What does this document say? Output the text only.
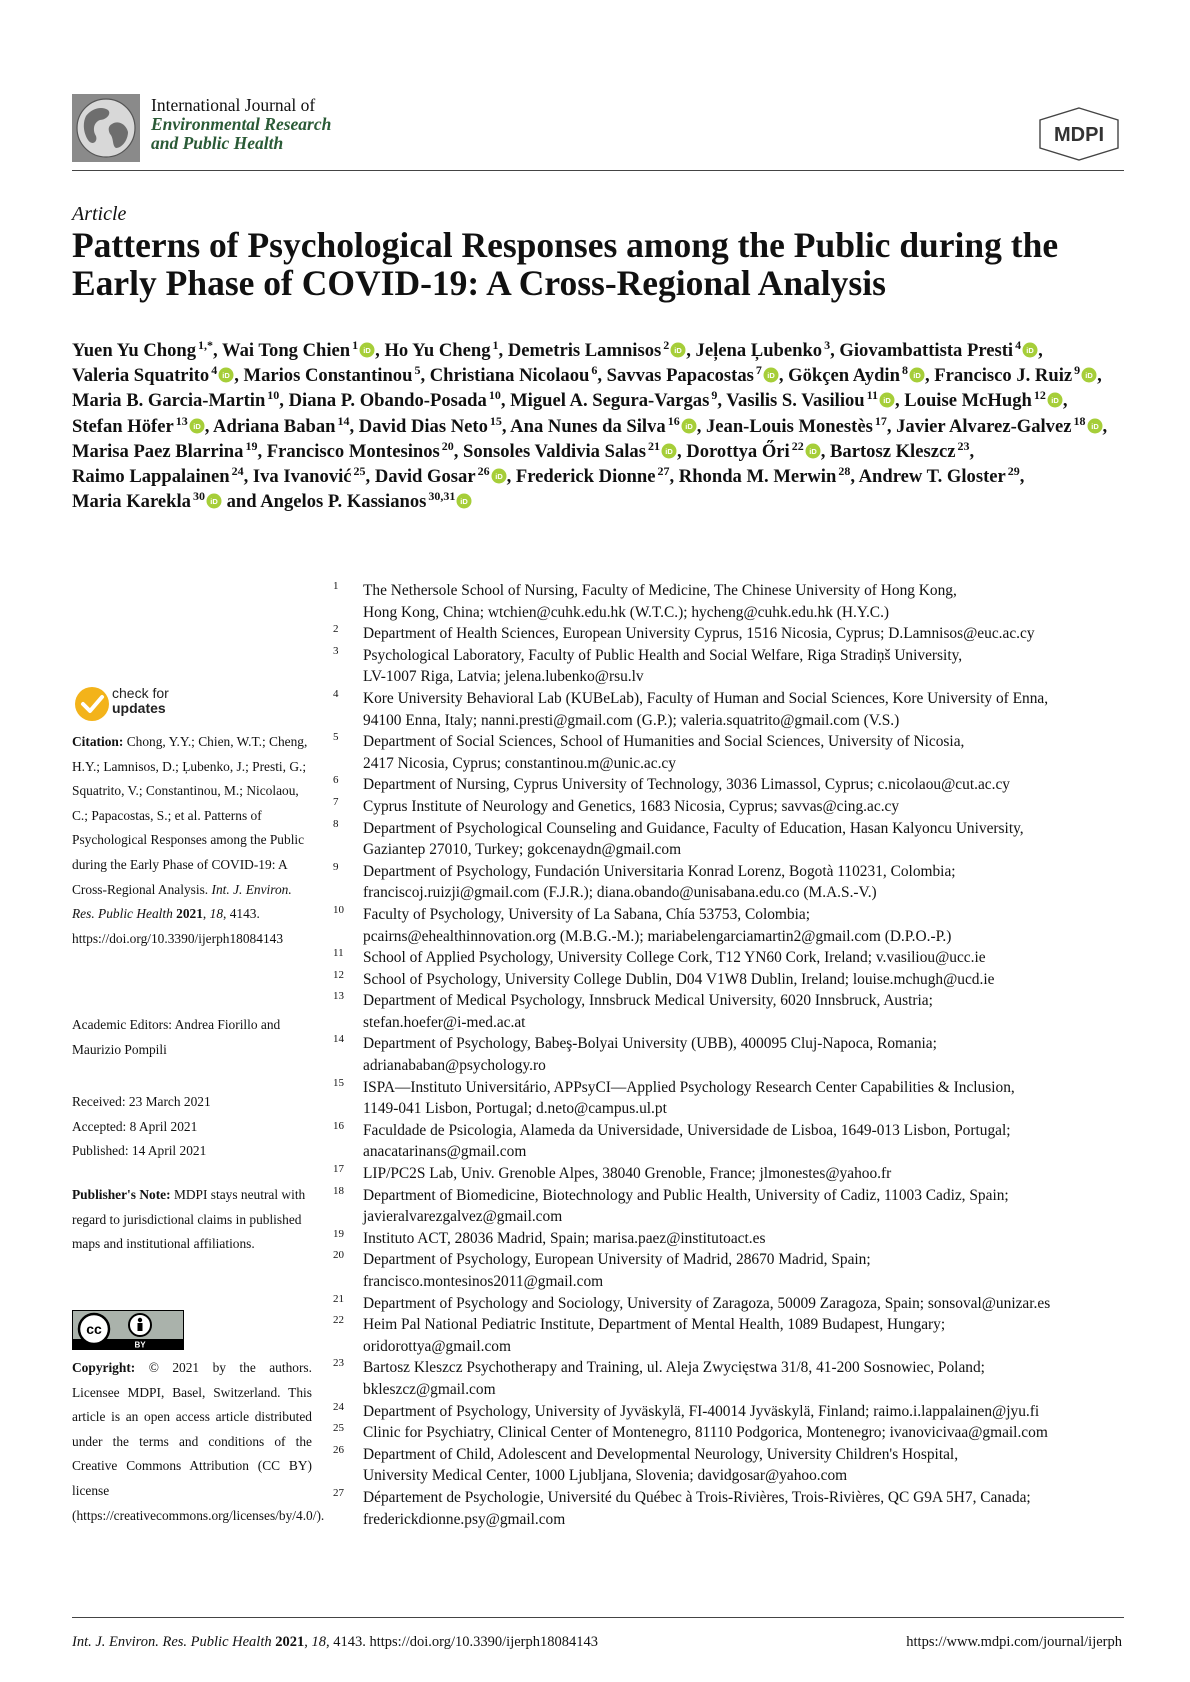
International Journal of
Environmental Research
and Public Health	MDPI
Article
Patterns of Psychological Responses among the Public during the Early Phase of COVID-19: A Cross-Regional Analysis
Yuen Yu Chong $^{1,*}$, Wai Tong Chien $^1$ iD , Ho Yu Cheng $^1$, Demetris Lamnisos $^2$ iD , Jeļena Ļubenko $^3$, Giovambattista Presti $^4$ iD , Valeria Squatrito $^4$ iD , Marios Constantinou $^5$, Christiana Nicolaou $^6$, Savvas Papacostas $^7$ iD , Gökçen Aydin $^8$ iD , Francisco J. Ruiz $^9$ iD , Maria B. Garcia-Martin $^{10}$, Diana P. Obando-Posada $^{10}$, Miguel A. Segura-Vargas $^9$, Vasilis S. Vasiliou $^{11}$ iD , Louise McHugh $^{12}$ iD , Stefan Höfer $^{13}$ iD , Adriana Baban $^{14}$, David Dias Neto $^{15}$, Ana Nunes da Silva $^{16}$ iD , Jean-Louis Monestès $^{17}$, Javier Alvarez-Galvez $^{18}$ iD , Marisa Paez Blarrina $^{19}$, Francisco Montesinos $^{20}$, Sonsoles Valdivia Salas $^{21}$ iD , Dorottya Őri $^{22}$ iD , Bartosz Kleszcz $^{23}$, Raimo Lappalainen $^{24}$, Iva Ivanović $^{25}$, David Gosar $^{26}$ iD , Frederick Dionne $^{27}$, Rhonda M. Merwin $^{28}$, Andrew T. Gloster $^{29}$, Maria Karekla $^{30}$ iD and Angelos P. Kassianos $^{30,31}$ iD
check for
updates
Citation: Chong, Y.Y.; Chien, W.T.; Cheng, H.Y.; Lamnisos, D.; Ļubenko, J.; Presti, G.; Squatrito, V.; Constantinou, M.; Nicolaou, C.; Papacostas, S.; et al. Patterns of Psychological Responses among the Public during the Early Phase of COVID-19: A Cross-Regional Analysis. Int. J. Environ. Res. Public Health 2021, 18, 4143. https://doi.org/10.3390/ijerph18084143
Academic Editors: Andrea Fiorillo and Maurizio Pompili
Received: 23 March 2021
Accepted: 8 April 2021
Published: 14 April 2021
Publisher's Note: MDPI stays neutral with regard to jurisdictional claims in published maps and institutional affiliations.
cc
BY
Copyright: © 2021 by the authors. Licensee MDPI, Basel, Switzerland. This article is an open access article distributed under the terms and conditions of the Creative Commons Attribution (CC BY) license (https://creativecommons.org/licenses/by/4.0/).
1 The Nethersole School of Nursing, Faculty of Medicine, The Chinese University of Hong Kong,
Hong Kong, China; wtchien@cuhk.edu.hk (W.T.C.); hycheng@cuhk.edu.hk (H.Y.C.)
2 Department of Health Sciences, European University Cyprus, 1516 Nicosia, Cyprus; D.Lamnisos@euc.ac.cy
3 Psychological Laboratory, Faculty of Public Health and Social Welfare, Riga Stradiņš University,
LV-1007 Riga, Latvia; jelena.lubenko@rsu.lv
4 Kore University Behavioral Lab (KUBeLab), Faculty of Human and Social Sciences, Kore University of Enna,
94100 Enna, Italy; nanni.presti@gmail.com (G.P.); valeria.squatrito@gmail.com (V.S.)
5 Department of Social Sciences, School of Humanities and Social Sciences, University of Nicosia,
2417 Nicosia, Cyprus; constantinou.m@unic.ac.cy
6 Department of Nursing, Cyprus University of Technology, 3036 Limassol, Cyprus; c.nicolaou@cut.ac.cy
7 Cyprus Institute of Neurology and Genetics, 1683 Nicosia, Cyprus; savvas@cing.ac.cy
8 Department of Psychological Counseling and Guidance, Faculty of Education, Hasan Kalyoncu University,
Gaziantep 27010, Turkey; gokcenaydn@gmail.com
9 Department of Psychology, Fundación Universitaria Konrad Lorenz, Bogotà 110231, Colombia;
franciscoj.ruizji@gmail.com (F.J.R.); diana.obando@unisabana.edu.co (M.A.S.-V.)
10 Faculty of Psychology, University of La Sabana, Chía 53753, Colombia;
pcairns@ehealthinnovation.org (M.B.G.-M.); mariabelengarciamartin2@gmail.com (D.P.O.-P.)
11 School of Applied Psychology, University College Cork, T12 YN60 Cork, Ireland; v.vasiliou@ucc.ie
12 School of Psychology, University College Dublin, D04 V1W8 Dublin, Ireland; louise.mchugh@ucd.ie
13 Department of Medical Psychology, Innsbruck Medical University, 6020 Innsbruck, Austria;
stefan.hoefer@i-med.ac.at
14 Department of Psychology, Babeş-Bolyai University (UBB), 400095 Cluj-Napoca, Romania;
adrianababan@psychology.ro
15 ISPA—Instituto Universitário, APPsyCI—Applied Psychology Research Center Capabilities & Inclusion,
1149-041 Lisbon, Portugal; d.neto@campus.ul.pt
16 Faculdade de Psicologia, Alameda da Universidade, Universidade de Lisboa, 1649-013 Lisbon, Portugal;
anacatarinans@gmail.com
17 LIP/PC2S Lab, Univ. Grenoble Alpes, 38040 Grenoble, France; jlmonestes@yahoo.fr
18 Department of Biomedicine, Biotechnology and Public Health, University of Cadiz, 11003 Cadiz, Spain;
javieralvarezgalvez@gmail.com
19 Instituto ACT, 28036 Madrid, Spain; marisa.paez@institutoact.es
20 Department of Psychology, European University of Madrid, 28670 Madrid, Spain;
francisco.montesinos2011@gmail.com
21 Department of Psychology and Sociology, University of Zaragoza, 50009 Zaragoza, Spain; sonsoval@unizar.es
22 Heim Pal National Pediatric Institute, Department of Mental Health, 1089 Budapest, Hungary;
oridorottya@gmail.com
23 Bartosz Kleszcz Psychotherapy and Training, ul. Aleja Zwycięstwa 31/8, 41-200 Sosnowiec, Poland;
bkleszcz@gmail.com
24 Department of Psychology, University of Jyväskylä, FI-40014 Jyväskylä, Finland; raimo.i.lappalainen@jyu.fi
25 Clinic for Psychiatry, Clinical Center of Montenegro, 81110 Podgorica, Montenegro; ivanovicivaa@gmail.com
26 Department of Child, Adolescent and Developmental Neurology, University Children's Hospital,
University Medical Center, 1000 Ljubljana, Slovenia; davidgosar@yahoo.com
27 Département de Psychologie, Université du Québec à Trois-Rivières, Trois-Rivières, QC G9A 5H7, Canada;
frederickdionne.psy@gmail.com
Int. J. Environ. Res. Public Health 2021, 18, 4143. https://doi.org/10.3390/ijerph18084143	https://www.mdpi.com/journal/ijerph
